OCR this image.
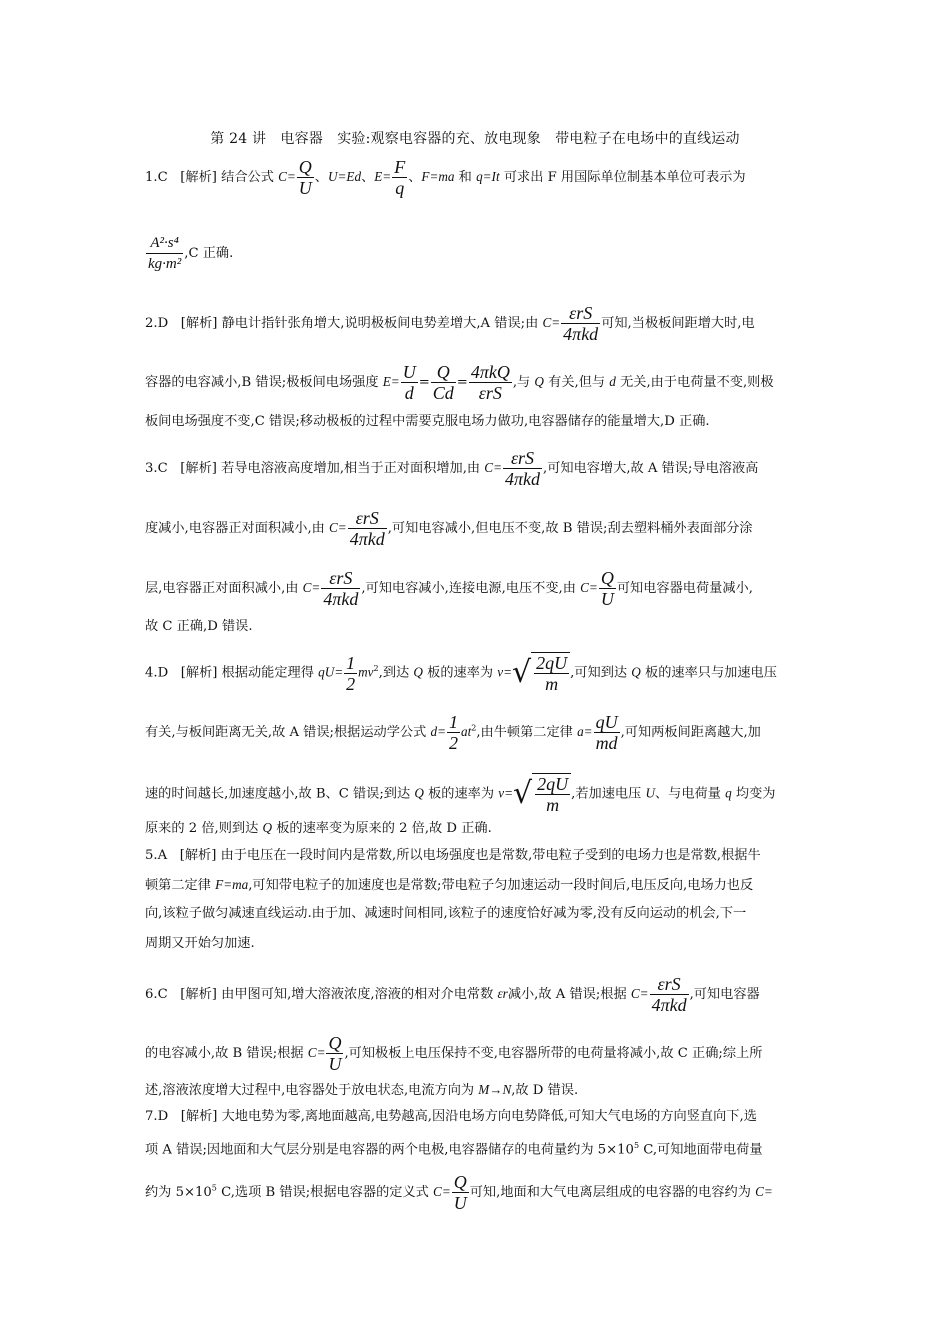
第 24 讲　电容器　实验:观察电容器的充、放电现象　带电粒子在电场中的直线运动
1.C [解析] 结合公式 $C= \frac{Q}{U}$ 、U=Ed、$E= \frac{F}{q}$ 、F=ma 和 q=It 可求出 F 用国际单位制基本单位可表示为
$\frac{\text{A²·s⁴}}{\text{kg·m²}} ,C$ 正确.
2.D [解析] 静电计指针张角增大,说明极板间电势差增大,A 错误;由 $C= \frac{\text{εrS}}{\text{4πkd}}$ 可知,当极板间距增大时,电
容器的电容减小,B 错误;极板间电场强度 $E= \frac{U}{d} = \frac{Q}{Cd} = \frac{\text{4πkQ}}{\text{εrS}}$ ,与 Q 有关,但与 d 无关,由于电荷量不变,则极
板间电场强度不变,C 错误;移动极板的过程中需要克服电场力做功,电容器储存的能量增大,D 正确.
3.C [解析] 若导电溶液高度增加,相当于正对面积增加,由 $C= \frac{\text{εrS}}{\text{4πkd}}$ ,可知电容增大,故 A 错误;导电溶液高
度减小,电容器正对面积减小,由 $C= \frac{\text{εrS}}{\text{4πkd}}$ ,可知电容减小,但电压不变,故 B 错误;刮去塑料桶外表面部分涂
层,电容器正对面积减小,由 $C= \frac{\text{εrS}}{\text{4πkd}}$ ,可知电容减小,连接电源,电压不变,由 $C= \frac{Q}{U}$ 可知电容器电荷量减小,
故 C 正确,D 错误.
4.D [解析] 根据动能定理得 $qU= \frac{1}{2} mv^2$,到达 Q 板的速率为 v= √ $\frac{2qU}{m}$ ,可知到达 Q 板的速率只与加速电压
有关,与板间距离无关,故 A 错误;根据运动学公式 $d= \frac{1}{2} at^2$,由牛顿第二定律 $a= \frac{qU}{md}$ ,可知两板间距离越大,加
速的时间越长,加速度越小,故 B、C 错误;到达 Q 板的速率为 v= √ $\frac{2qU}{m}$ ,若加速电压 U、与电荷量 q 均变为
原来的 2 倍,则到达 Q 板的速率变为原来的 2 倍,故 D 正确.
5.A [解析] 由于电压在一段时间内是常数,所以电场强度也是常数,带电粒子受到的电场力也是常数,根据牛
顿第二定律 F=ma,可知带电粒子的加速度也是常数;带电粒子匀加速运动一段时间后,电压反向,电场力也反
向,该粒子做匀减速直线运动.由于加、减速时间相同,该粒子的速度恰好减为零,没有反向运动的机会,下一
周期又开始匀加速.
6.C [解析] 由甲图可知,增大溶液浓度,溶液的相对介电常数 εr减小,故 A 错误;根据 $C= \frac{\text{εrS}}{\text{4πkd}}$ ,可知电容器
的电容减小,故 B 错误;根据 $C= \frac{Q}{U}$ ,可知极板上电压保持不变,电容器所带的电荷量将减小,故 C 正确;综上所
述,溶液浓度增大过程中,电容器处于放电状态,电流方向为 M→N,故 D 错误.
7.D [解析] 大地电势为零,离地面越高,电势越高,因沿电场方向电势降低,可知大气电场的方向竖直向下,选
项 A 错误;因地面和大气层分别是电容器的两个电极,电容器储存的电荷量约为 $5\times 10^5$ C,可知地面带电荷量
约为 $5\times 10^5$ C,选项 B 错误;根据电容器的定义式 $C= \frac{Q}{U}$ 可知,地面和大气电离层组成的电容器的电容约为 C=
